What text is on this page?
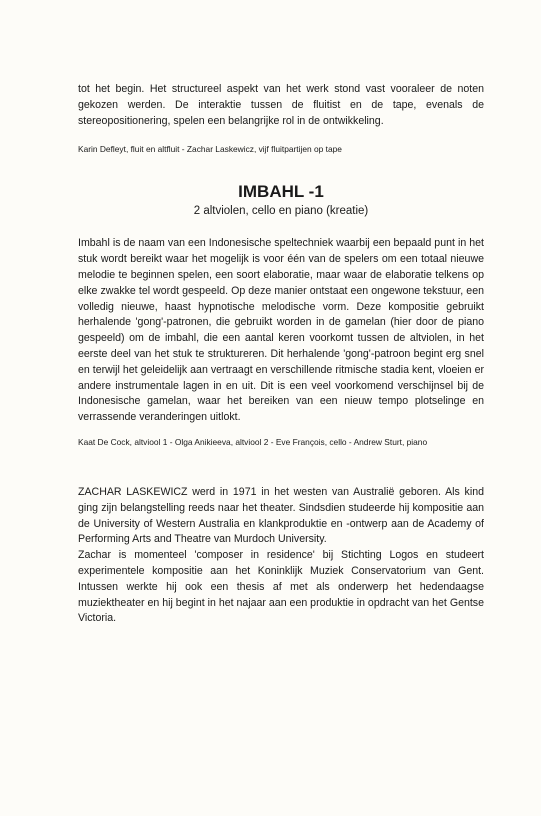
tot het begin. Het structureel aspekt van het werk stond vast vooraleer de noten gekozen werden. De interaktie tussen de fluitist en de tape, evenals de stereopositionering, spelen een belangrijke rol in de ontwikkeling.

Karin Defleyt, fluit en altfluit - Zachar Laskewicz, vijf fluitpartijen op tape

IMBAHL -1

2 altviolen, cello en piano (kreatie)

Imbahl is de naam van een Indonesische speltechniek waarbij een bepaald punt in het stuk wordt bereikt waar het mogelijk is voor één van de spelers om een totaal nieuwe melodie te beginnen spelen, een soort elaboratie, maar waar de elaboratie telkens op elke zwakke tel wordt gespeeld. Op deze manier ontstaat een ongewone tekstuur, een volledig nieuwe, haast hypnotische melodische vorm. Deze kompositie gebruikt herhalende 'gong'-patronen, die gebruikt worden in de gamelan (hier door de piano gespeeld) om de imbahl, die een aantal keren voorkomt tussen de altviolen, in het eerste deel van het stuk te struktureren. Dit herhalende 'gong'-patroon begint erg snel en terwijl het geleidelijk aan vertraagt en verschillende ritmische stadia kent, vloeien er andere instrumentale lagen in en uit. Dit is een veel voorkomend verschijnsel bij de Indonesische gamelan, waar het bereiken van een nieuw tempo plotselinge en verrassende veranderingen uitlokt.

Kaat De Cock, altviool 1 - Olga Anikieeva, altviool 2 - Eve François, cello - Andrew Sturt, piano

ZACHAR LASKEWICZ werd in 1971 in het westen van Australië geboren. Als kind ging zijn belangstelling reeds naar het theater. Sindsdien studeerde hij kompositie aan de University of Western Australia en klankproduktie en -ontwerp aan de Academy of Performing Arts and Theatre van Murdoch University.

Zachar is momenteel 'composer in residence' bij Stichting Logos en studeert experimentele kompositie aan het Koninklijk Muziek Conservatorium van Gent. Intussen werkte hij ook een thesis af met als onderwerp het hedendaagse muziektheater en hij begint in het najaar aan een produktie in opdracht van het Gentse Victoria.
